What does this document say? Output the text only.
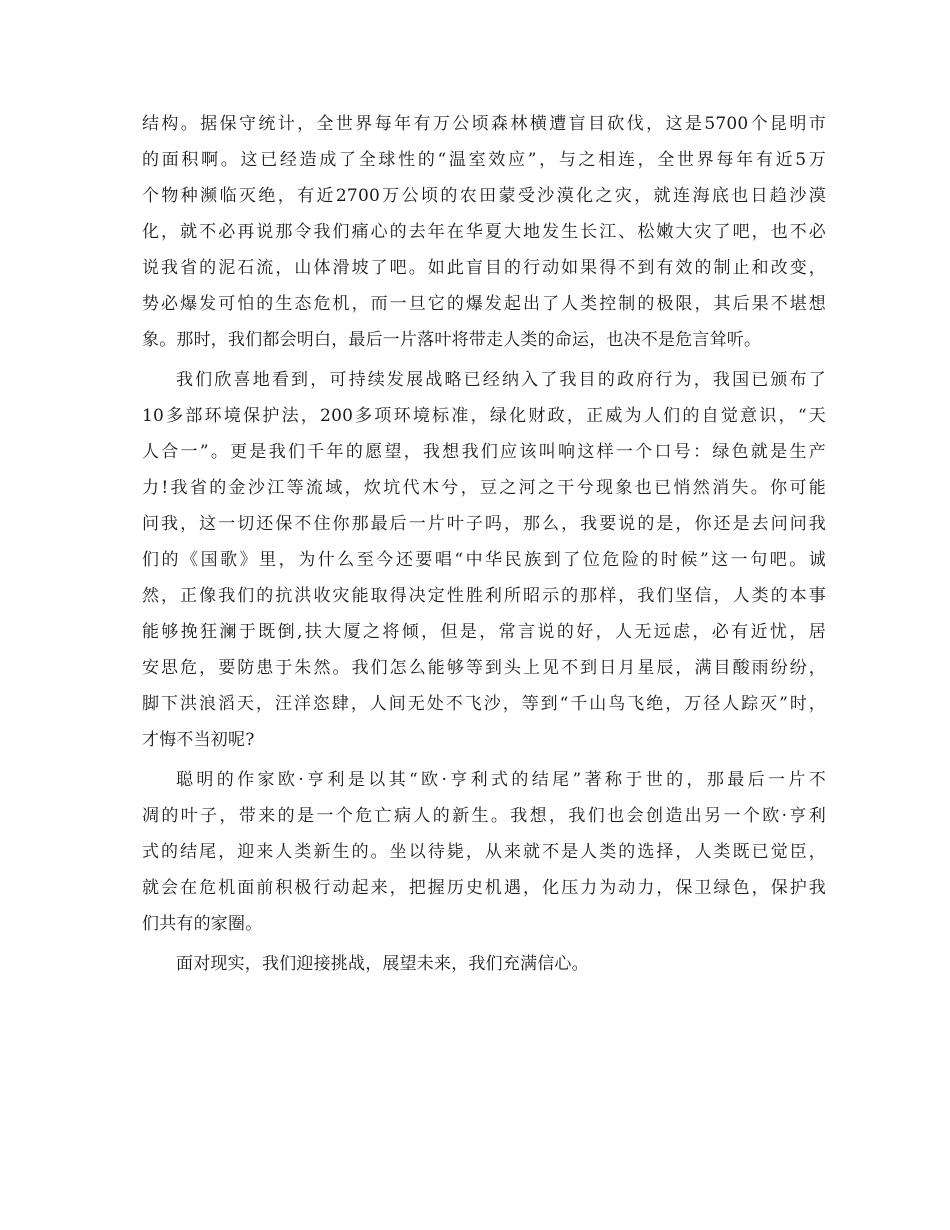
结构。据保守统计，全世界每年有万公顷森林横遭盲目砍伐，这是5700个昆明市
的面积啊。这已经造成了全球性的“温室效应”，与之相连，全世界每年有近5万
个物种濒临灭绝，有近2700万公顷的农田蒙受沙漠化之灾，就连海底也日趋沙漠
化，就不必再说那令我们痛心的去年在华夏大地发生长江、松嫩大灾了吧，也不必
说我省的泥石流，山体滑坡了吧。如此盲目的行动如果得不到有效的制止和改变，
势必爆发可怕的生态危机，而一旦它的爆发起出了人类控制的极限，其后果不堪想
象。那时，我们都会明白，最后一片落叶将带走人类的命运，也决不是危言耸听。
我们欣喜地看到，可持续发展战略已经纳入了我目的政府行为，我国已颁布了
10多部环境保护法，200多项环境标准，绿化财政，正威为人们的自觉意识，“天
人合一”。更是我们千年的愿望，我想我们应该叫响这样一个口号：绿色就是生产
力!我省的金沙江等流域，炊坑代木兮，豆之河之干兮现象也已悄然消失。你可能
问我，这一切还保不住你那最后一片叶子吗，那么，我要说的是，你还是去问问我
们的《国歌》里，为什么至今还要唱“中华民族到了位危险的时候”这一句吧。诚
然，正像我们的抗洪收灾能取得决定性胜利所昭示的那样，我们坚信，人类的本事
能够挽狂澜于既倒,扶大厦之将倾，但是，常言说的好，人无远虑，必有近忧，居
安思危，要防患于朱然。我们怎么能够等到头上见不到日月星辰，满目酸雨纷纷，
脚下洪浪滔天，汪洋恣肆，人间无处不飞沙，等到“千山鸟飞绝，万径人踪灭”时，
才悔不当初呢?
聪明的作家欧·亨利是以其“欧·亨利式的结尾”著称于世的，那最后一片不
凋的叶子，带来的是一个危亡病人的新生。我想，我们也会创造出另一个欧·亨利
式的结尾，迎来人类新生的。坐以待毙，从来就不是人类的选择，人类既已觉臣，
就会在危机面前积极行动起来，把握历史机遇，化压力为动力，保卫绿色，保护我
们共有的家圈。
面对现实，我们迎接挑战，展望未来，我们充满信心。
